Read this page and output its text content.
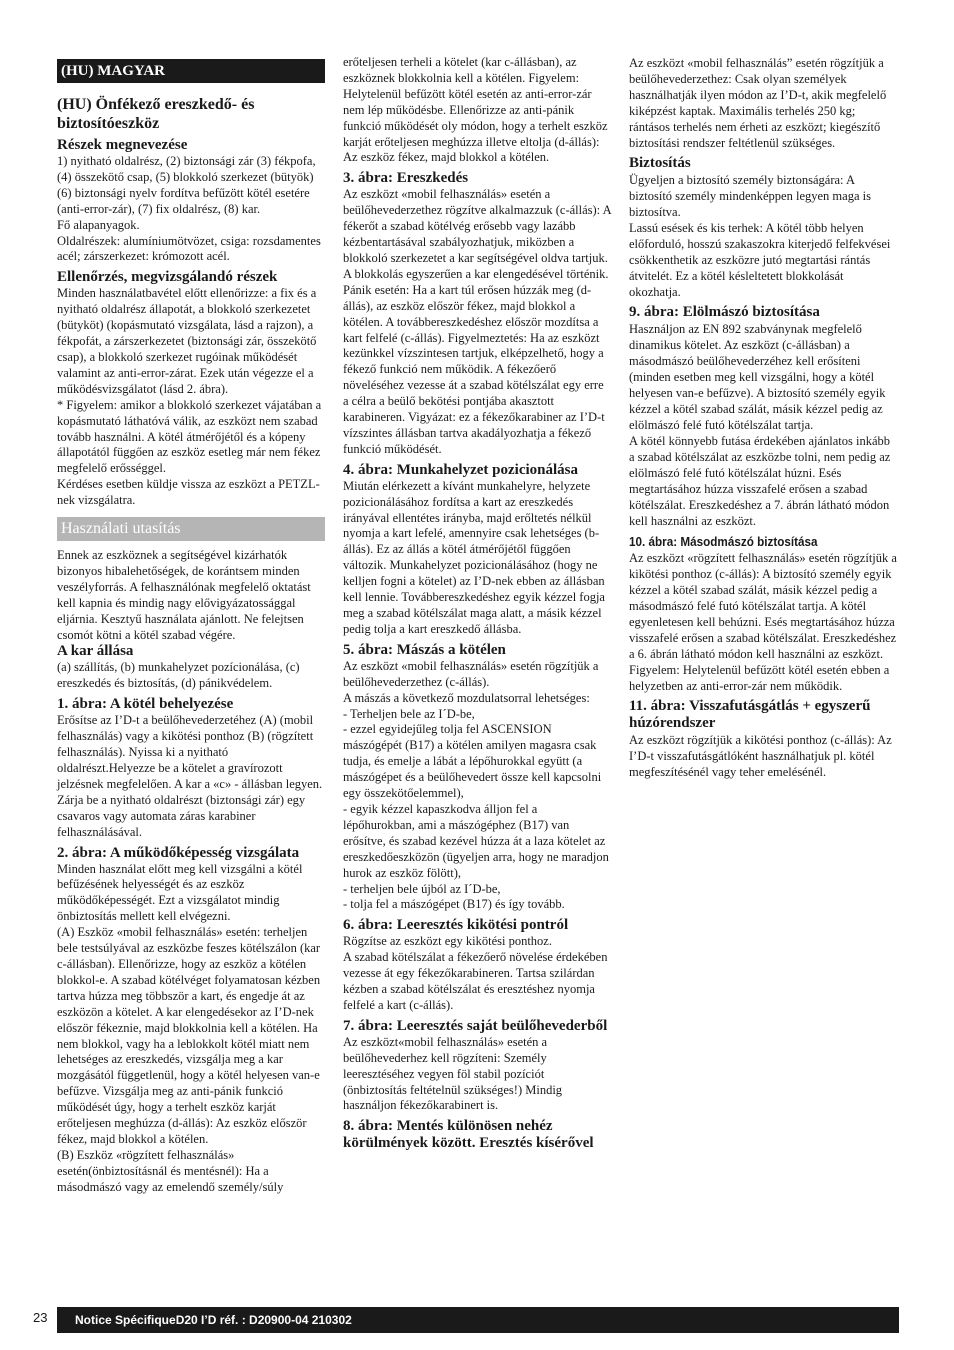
(HU) MAGYAR
(HU) Önfékező ereszkedő- és biztosítóeszköz
Részek megnevezése

1) nyitható oldalrész, (2) biztonsági zár (3) fékpofa, (4) összekötő csap, (5) blokkoló szerkezet (bütyök) (6) biztonsági nyelv fordítva befűzött kötél esetére (anti-error-zár), (7) fix oldalrész, (8) kar.

Fő alapanyagok.

Oldalrészek: alumíniumötvözet, csiga: rozsdamentes acél; zárszerkezet: krómozott acél.

Ellenőrzés, megvizsgálandó részek

Minden használatbavétel előtt ellenőrizze: a fix és a nyitható oldalrész állapotát, a blokkoló szerkezetet (bütyköt) (kopásmutató vizsgálata, lásd a rajzon), a fékpofát, a zárszerkezetet (biztonsági zár, összekötő csap), a blokkoló szerkezet rugóinak működését valamint az anti-error-zárat. Ezek után végezze el a működésvizsgálatot (lásd 2. ábra).

* Figyelem: amikor a blokkoló szerkezet vájatában a kopásmutató láthatóvá válik, az eszközt nem szabad tovább használni. A kötél átmérőjétől és a kópeny állapotától függően az eszköz esetleg már nem fékez megfelelő erősséggel.

Kérdéses esetben küldje vissza az eszközt a PETZL-nek vizsgálatra.

Használati utasítás

Ennek az eszköznek a segítségével kizárhatók bizonyos hibalehetőségek, de korántsem minden veszélyforrás. A felhasználónak megfelelő oktatást kell kapnia és mindig nagy elővigyázatossággal eljárnia. Kesztyű használata ajánlott. Ne felejtsen csomót kötni a kötél szabad végére.

A kar állása

(a) szállítás, (b) munkahelyzet pozícionálása, (c) ereszkedés és biztosítás, (d) pánikvédelem.

1. ábra: A kötél behelyezése

Erősítse az I’D-t a beülőhevederzetéhez (A) (mobil felhasználás) vagy a kikötési ponthoz (B) (rögzített felhasználás). Nyissa ki a nyitható oldalrészt.Helyezze be a kötelet a gravírozott jelzésnek megfelelően. A kar a «c» - állásban legyen. Zárja be a nyitható oldalrészt (biztonsági zár) egy csavaros vagy automata záras karabiner felhasználásával.

2. ábra: A működőképesség vizsgálata

Minden használat előtt meg kell vizsgálni a kötél befűzésének helyességét és az eszköz működőképességét. Ezt a vizsgálatot mindig önbiztosítás mellett kell elvégezni.

(A) Eszköz «mobil felhasználás» esetén: terheljen bele testsúlyával az eszközbe feszes kötélszálon (kar c-állásban). Ellenőrizze, hogy az eszköz a kötélen blokkol-e. A szabad kötélvéget folyamatosan kézben tartva húzza meg többször a kart, és engedje át az eszközön a kötelet. A kar elengedésekor az I’D-nek először fékeznie, majd blokkolnia kell a kötélen. Ha nem blokkol, vagy ha a leblokkolt kötél miatt nem lehetséges az ereszkedés, vizsgálja meg a kar mozgásától függetlenül, hogy a kötél helyesen van-e befűzve. Vizsgálja meg az anti-pánik funkció működését úgy, hogy a terhelt eszköz karját erőteljesen meghúzza (d-állás): Az eszköz először fékez, majd blokkol a kötélen.

(B) Eszköz «rögzített felhasználás» esetén(önbiztosításnál és mentésnél): Ha a másodmászó vagy az emelendő személy/súly

erőteljesen terheli a kötelet (kar c-állásban), az eszköznek blokkolnia kell a kötélen. Figyelem: Helytelenül befűzött kötél esetén az anti-error-zár nem lép működésbe. Ellenőrizze az anti-pánik funkció működését oly módon, hogy a terhelt eszköz karját erőteljesen meghúzza illetve eltolja (d-állás): Az eszköz fékez, majd blokkol a kötélen.

3. ábra: Ereszkedés

Az eszközt «mobil felhasználás» esetén a beülőhevederzethez rögzítve alkalmazzuk (c-állás): A fékerőt a szabad kötélvég erősebb vagy lazább kézbentartásával szabályozhatjuk, miközben a blokkoló szerkezetet a kar segítségével oldva tartjuk. A blokkolás egyszerűen a kar elengedésével történik. Pánik esetén: Ha a kart túl erősen húzzák meg (d-állás), az eszköz először fékez, majd blokkol a kötélen. A továbbereszkedéshez először mozdítsa a kart felfelé (c-állás). Figyelmeztetés: Ha az eszközt kezünkkel vízszintesen tartjuk, elképzelhető, hogy a fékező funkció nem működik. A fékezőerő növeléséhez vezesse át a szabad kötélszálat egy erre a célra a beülő bekötési pontjába akasztott karabineren. Vigyázat: ez a fékezőkarabiner az I’D-t vízszintes állásban tartva akadályozhatja a fékező funkció működését.

4. ábra: Munkahelyzet pozicionálása

Miután elérkezett a kívánt munkahelyre, helyzete pozicionálásához fordítsa a kart az ereszkedés irányával ellentétes irányba, majd erőltetés nélkül nyomja a kart lefelé, amennyire csak lehetséges (b-állás). Ez az állás a kötél átmérőjétől függően változik. Munkahelyzet pozicionálásához (hogy ne kelljen fogni a kötelet) az I’D-nek ebben az állásban kell lennie. Továbbereszkedéshez egyik kézzel fogja meg a szabad kötélszálat maga alatt, a másik kézzel pedig tolja a kart ereszkedő állásba.

5. ábra: Mászás a kötélen

Az eszközt «mobil felhasználás» esetén rögzítjük a beülőhevederzethez (c-állás).

A mászás a következő mozdulatsorral lehetséges:

- Terheljen bele az I´D-be,

- ezzel egyidejűleg tolja fel ASCENSION mászógépét (B17) a kötélen amilyen magasra csak tudja, és emelje a lábát a lépőhurokkal együtt (a mászógépet és a beülőhevedert össze kell kapcsolni egy összekötőelemmel),

- egyik kézzel kapaszkodva álljon fel a lépőhurokban, ami a mászógéphez (B17) van erősítve, és szabad kezével húzza át a laza kötelet az ereszkedőeszközön (ügyeljen arra, hogy ne maradjon hurok az eszköz fölött),

- terheljen bele újból az I´D-be,

- tolja fel a mászógépet (B17) és így tovább.

6. ábra: Leeresztés kikötési pontról

Rögzítse az eszközt egy kikötési ponthoz.

A szabad kötélszálat a fékezőerő növelése érdekében vezesse át egy fékezőkarabineren. Tartsa szilárdan kézben a szabad kötélszálat és eresztéshez nyomja felfelé a kart (c-állás).

7. ábra: Leeresztés saját beülőhevederből

Az eszközt«mobil felhasználás» esetén a beülőhevederhez kell rögzíteni: Személy leeresztéséhez vegyen föl stabil pozíciót (önbiztosítás feltételnül szükséges!) Mindig használjon fékezőkarabinert is.

8. ábra: Mentés különösen nehéz körülmények között. Eresztés kísérővel

Az eszközt «mobil felhasználás” esetén rögzítjük a beülőhevederzethez: Csak olyan személyek használhatják ilyen módon az I’D-t, akik megfelelő kiképzést kaptak. Maximális terhelés 250 kg; rántásos terhelés nem érheti az eszközt; kiegészítő biztosítási rendszer feltétlenül szükséges.

Biztosítás

Ügyeljen a biztosító személy biztonságára: A biztosító személy mindenképpen legyen maga is biztosítva.

Lassú esések és kis terhek: A kötél több helyen előforduló, hosszú szakaszokra kiterjedő felfekvései csökkenthetik az eszközre jutó megtartási rántás átvitelét. Ez a kötél késleltetett blokkolását okozhatja.

9. ábra: Elölmászó biztosítása

Használjon az EN 892 szabványnak megfelelő dinamikus kötelet. Az eszközt (c-állásban) a másodmászó beülőhevederzéhez kell erősíteni (minden esetben meg kell vizsgálni, hogy a kötél helyesen van-e befűzve). A biztosító személy egyik kézzel a kötél szabad szálát, másik kézzel pedig az elölmászó felé futó kötélszálat tartja.

A kötél könnyebb futása érdekében ajánlatos inkább a szabad kötélszálat az eszközbe tolni, nem pedig az elölmászó felé futó kötélszálat húzni. Esés megtartásához húzza visszafelé erősen a szabad kötélszálat. Ereszkedéshez a 7. ábrán látható módon kell használni az eszközt.

10. ábra: Másodmászó biztosítása

Az eszközt «rögzített felhasználás» esetén rögzítjük a kikötési ponthoz (c-állás): A biztosító személy egyik kézzel a kötél szabad szálát, másik kézzel pedig a másodmászó felé futó kötélszálat tartja. A kötél egyenletesen kell behúzni. Esés megtartásához húzza visszafelé erősen a szabad kötélszálat. Ereszkedéshez a 6. ábrán látható módon kell használni az eszközt. Figyelem: Helytelenül befűzött kötél esetén ebben a helyzetben az anti-error-zár nem működik.

11. ábra: Visszafutásgátlás + egyszerű húzórendszer

Az eszközt rögzítjük a kikötési ponthoz (c-állás): Az I’D-t visszafutásgátlóként használhatjuk pl. kötél megfeszítésénél vagy teher emelésénél.

23	Notice SpécifiqueD20 I’D réf. : D20900-04 210302
